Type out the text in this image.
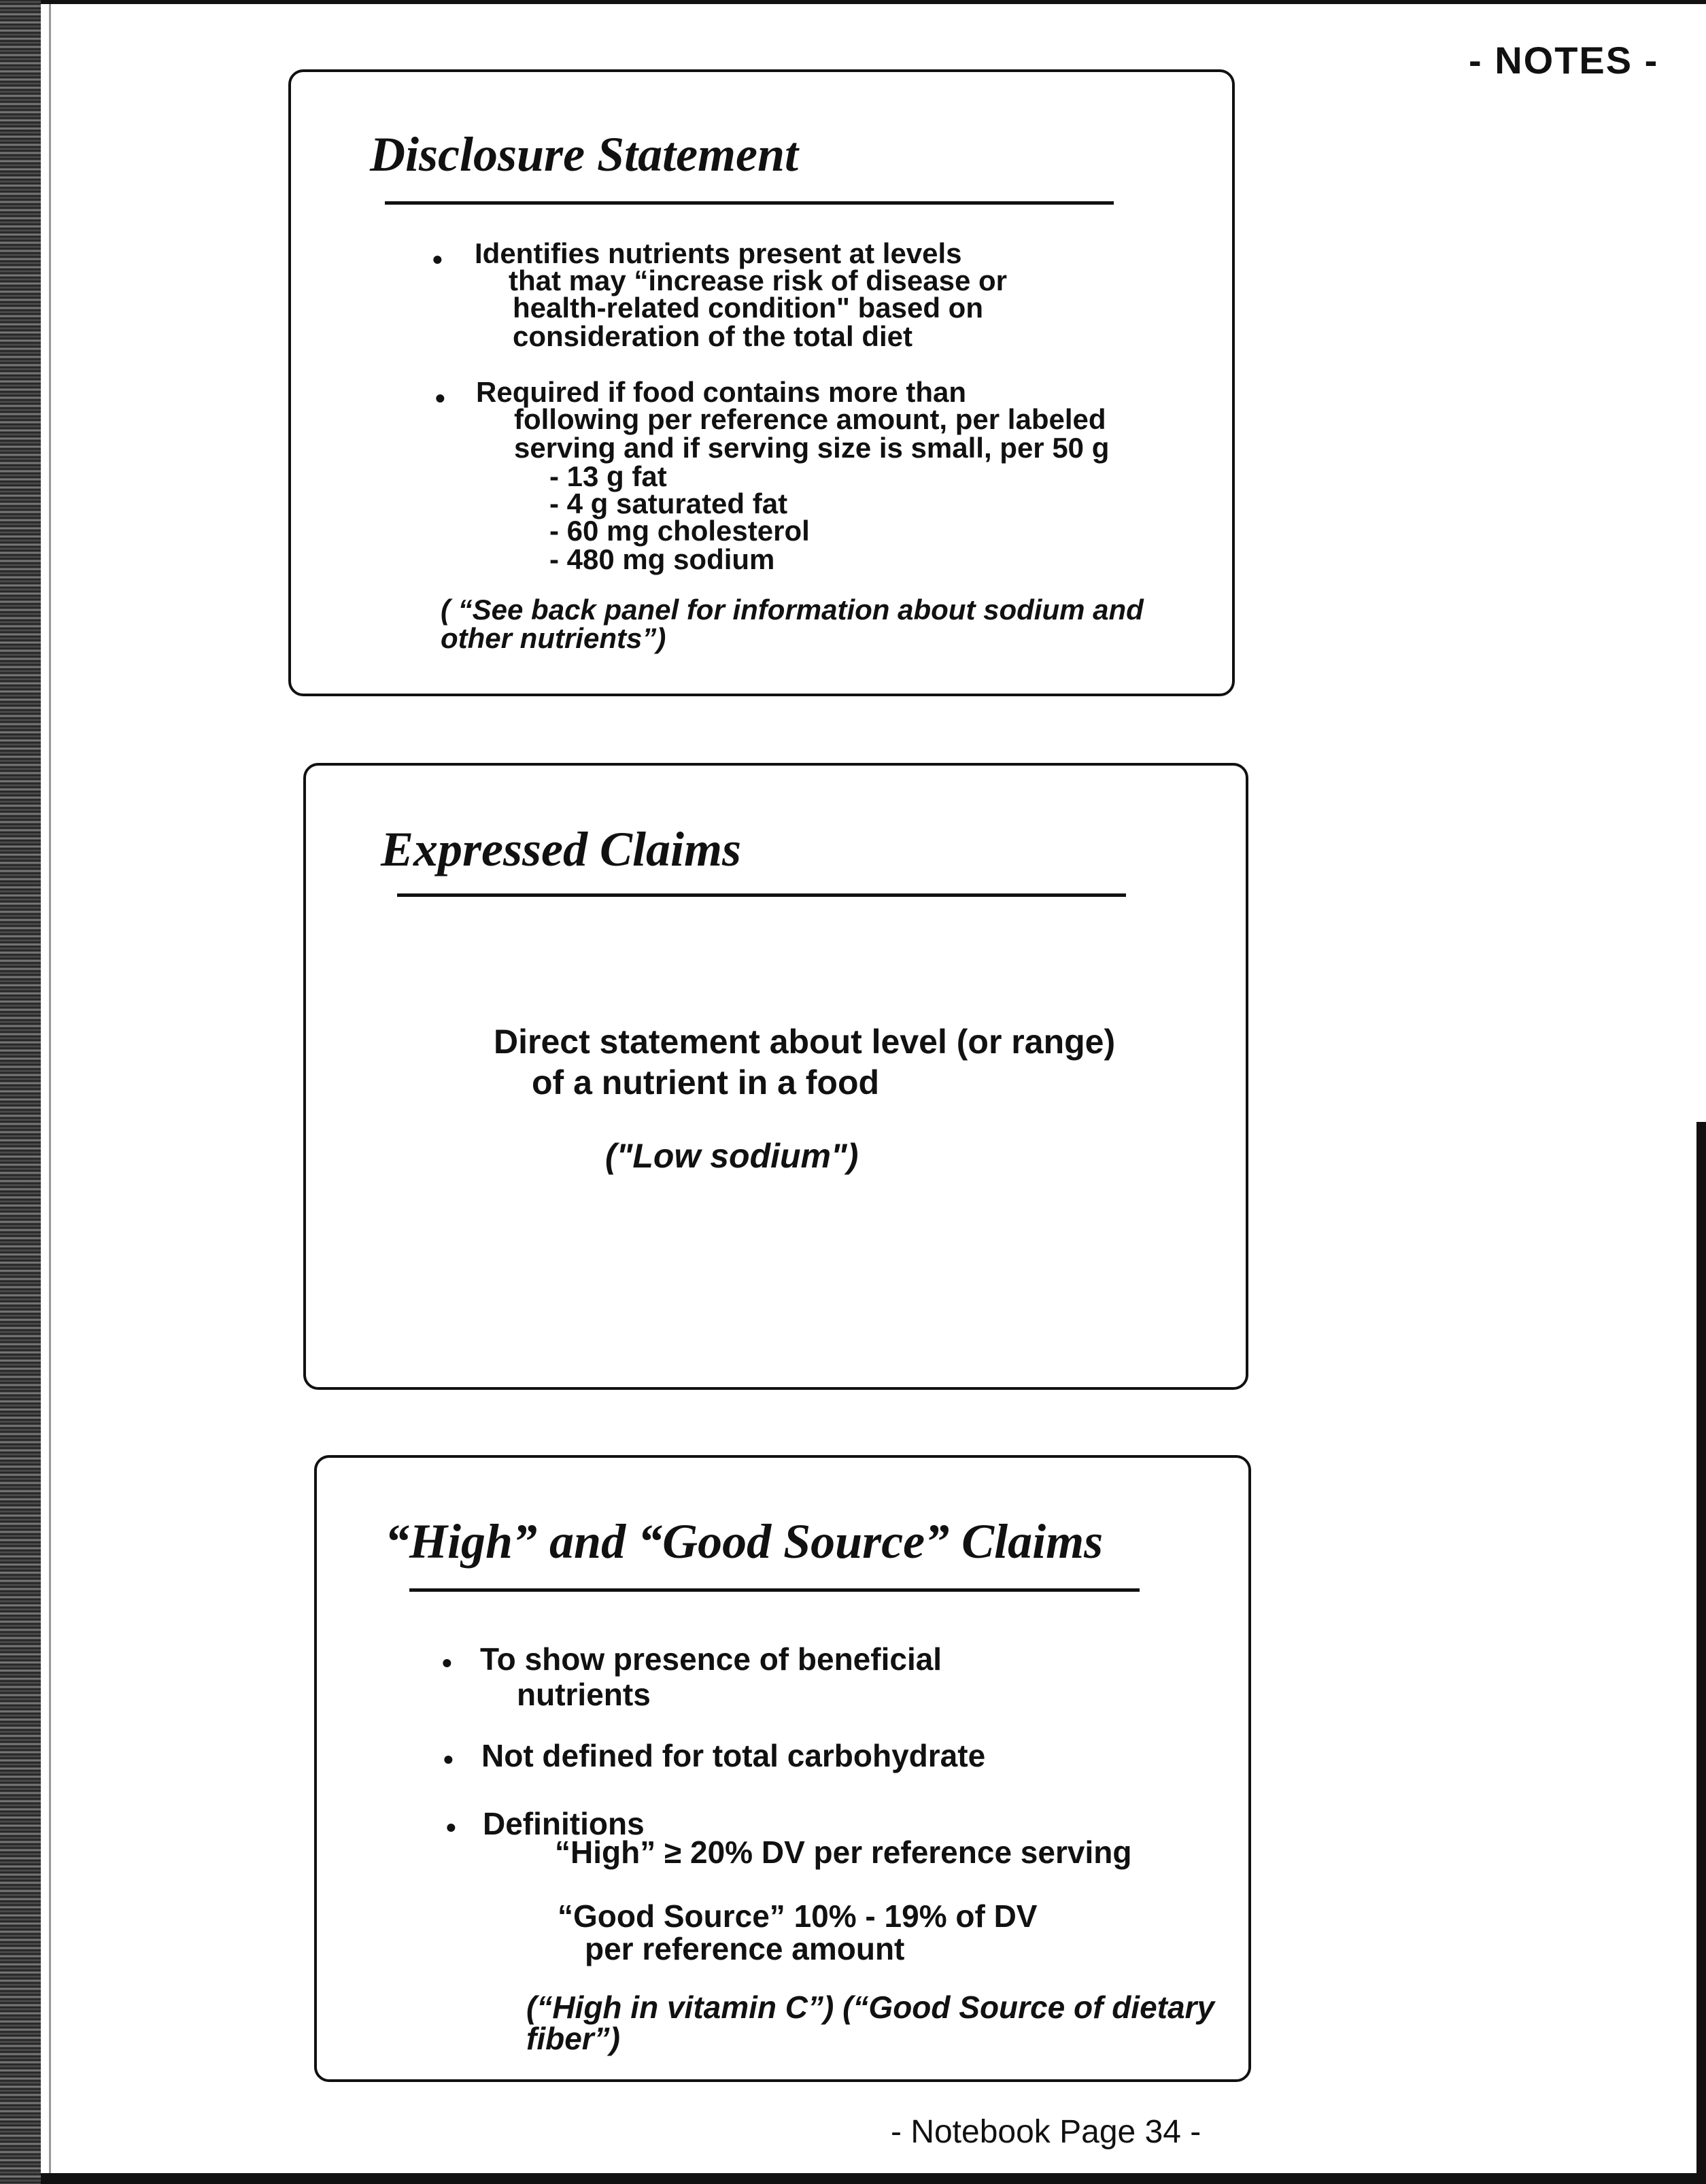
- NOTES -
Disclosure Statement
• Identifies nutrients present at levels
that may “increase risk of disease or
health-related condition" based on
consideration of the total diet
• Required if food contains more than
following per reference amount, per labeled
serving and if serving size is small, per 50 g
- 13 g fat
- 4 g saturated fat
- 60 mg cholesterol
- 480 mg sodium
( “See back panel for information about sodium and
other nutrients”)
Expressed Claims
Direct statement about level (or range)
of a nutrient in a food
("Low sodium")
“High” and “Good Source” Claims
• To show presence of beneficial
nutrients
• Not defined for total carbohydrate
• Definitions
“High” ≥ 20% DV per reference serving
“Good Source” 10% - 19% of DV
per reference amount
(“High in vitamin C”) (“Good Source of dietary
fiber”)
- Notebook Page 34 -
